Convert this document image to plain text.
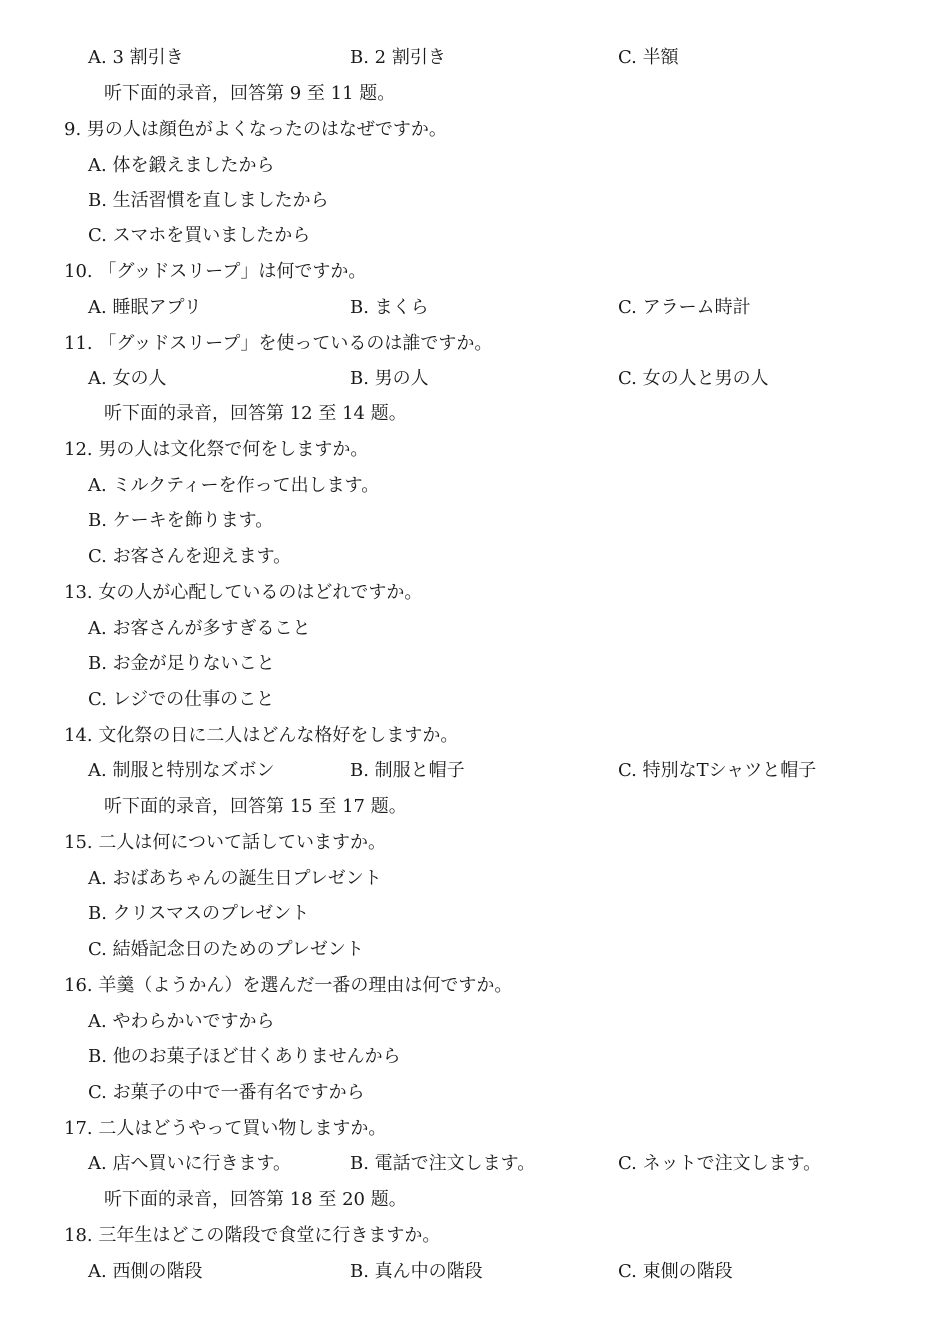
A. 3 割引き	B. 2 割引き	C. 半額
听下面的录音，回答第 9 至 11 题。
9. 男の人は顔色がよくなったのはなぜですか。
A. 体を鍛えましたから
B. 生活習慣を直しましたから
C. スマホを買いましたから
10. 「グッドスリープ」は何ですか。
A. 睡眠アプリ	B. まくら	C. アラーム時計
11. 「グッドスリープ」を使っているのは誰ですか。
A. 女の人	B. 男の人	C. 女の人と男の人
听下面的录音，回答第 12 至 14 题。
12. 男の人は文化祭で何をしますか。
A. ミルクティーを作って出します。
B. ケーキを飾ります。
C. お客さんを迎えます。
13. 女の人が心配しているのはどれですか。
A. お客さんが多すぎること
B. お金が足りないこと
C. レジでの仕事のこと
14. 文化祭の日に二人はどんな格好をしますか。
A. 制服と特別なズボン	B. 制服と帽子	C. 特別なTシャツと帽子
听下面的录音，回答第 15 至 17 题。
15. 二人は何について話していますか。
A. おばあちゃんの誕生日プレゼント
B. クリスマスのプレゼント
C. 結婚記念日のためのプレゼント
16. 羊羹（ようかん）を選んだ一番の理由は何ですか。
A. やわらかいですから
B. 他のお菓子ほど甘くありませんから
C. お菓子の中で一番有名ですから
17. 二人はどうやって買い物しますか。
A. 店へ買いに行きます。	B. 電話で注文します。	C. ネットで注文します。
听下面的录音，回答第 18 至 20 题。
18. 三年生はどこの階段で食堂に行きますか。
A. 西側の階段	B. 真ん中の階段	C. 東側の階段
